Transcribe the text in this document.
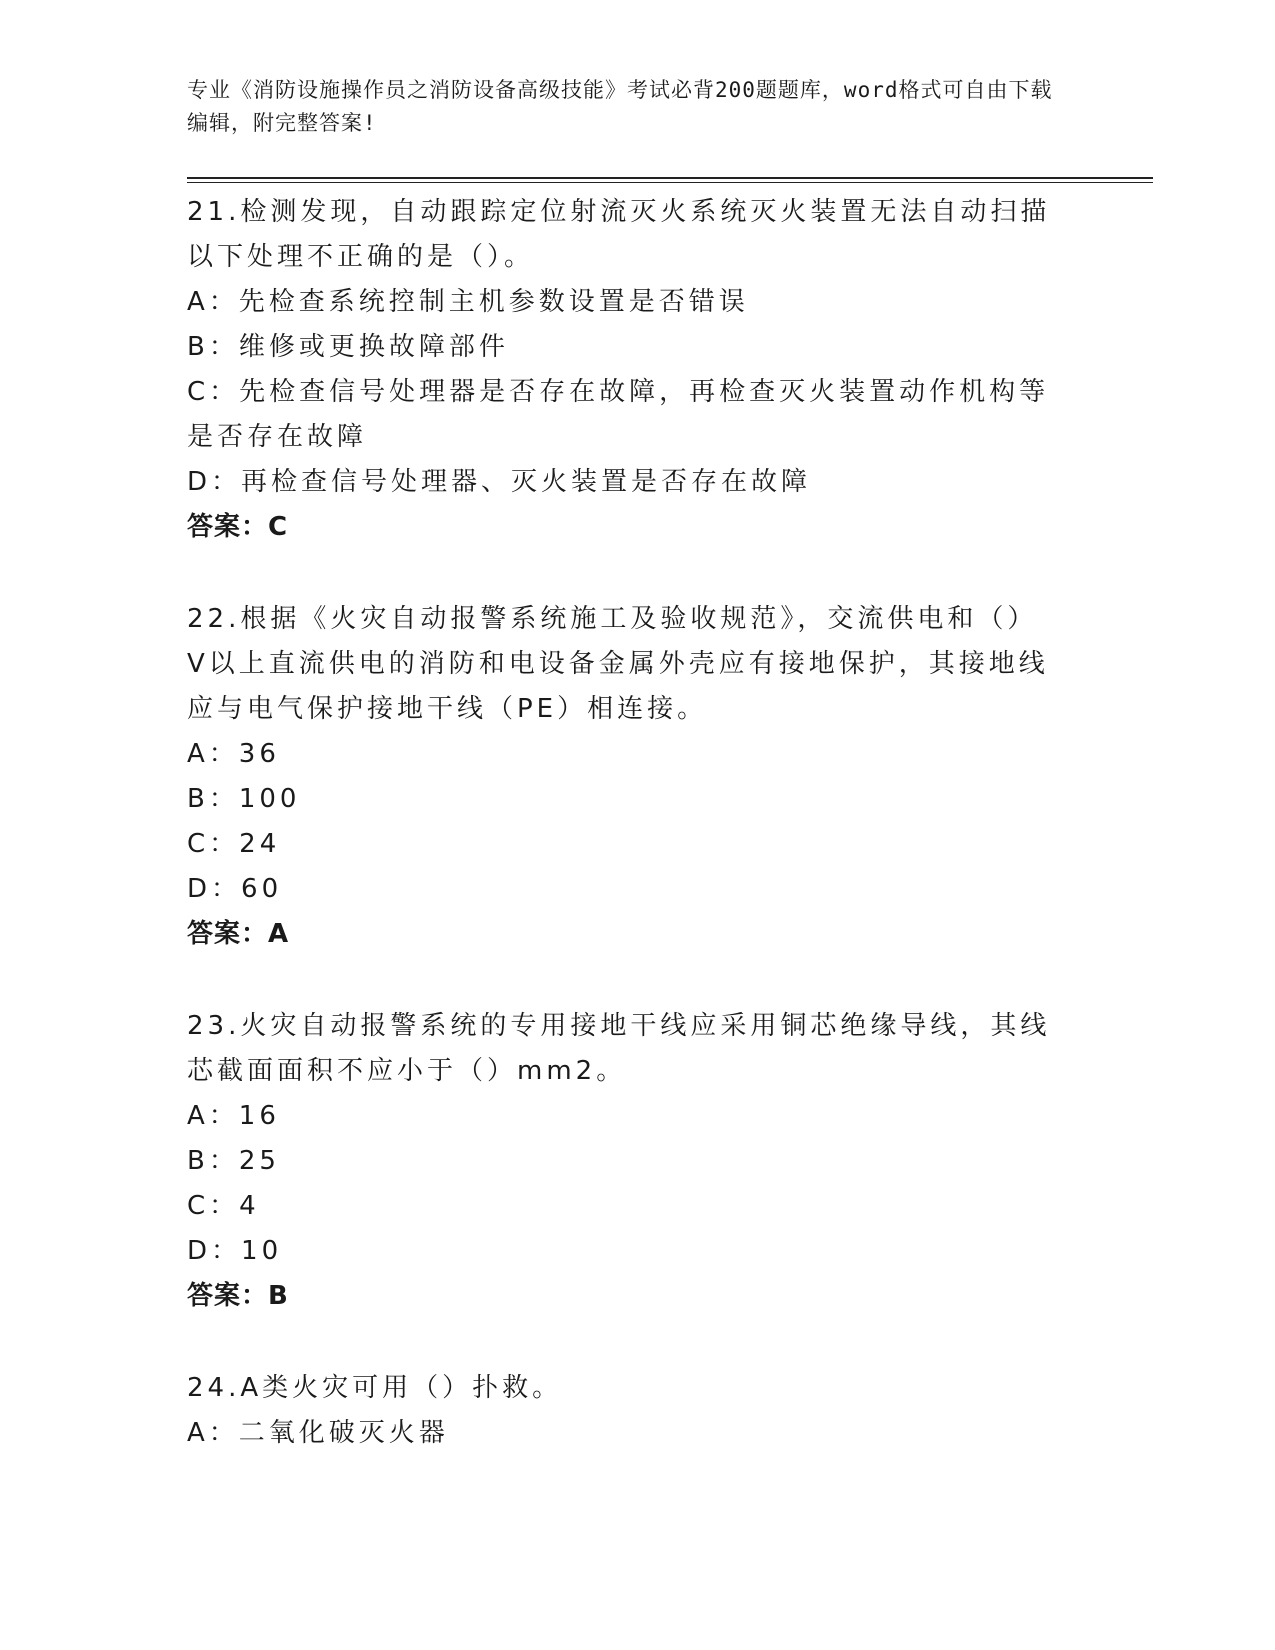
专业《消防设施操作员之消防设备高级技能》考试必背200题题库，word格式可自由下载编辑，附完整答案!
21.检测发现，自动跟踪定位射流灭火系统灭火装置无法自动扫描以下处理不正确的是（）。
A：先检查系统控制主机参数设置是否错误
B：维修或更换故障部件
C：先检查信号处理器是否存在故障，再检查灭火装置动作机构等是否存在故障
D：再检查信号处理器、灭火装置是否存在故障
答案：C
22.根据《火灾自动报警系统施工及验收规范》，交流供电和（）V以上直流供电的消防和电设备金属外壳应有接地保护，其接地线应与电气保护接地干线（PE）相连接。
A：36
B：100
C：24
D：60
答案：A
23.火灾自动报警系统的专用接地干线应采用铜芯绝缘导线，其线芯截面面积不应小于（）mm2。
A：16
B：25
C：4
D：10
答案：B
24.A类火灾可用（）扑救。
A：二氧化破灭火器
